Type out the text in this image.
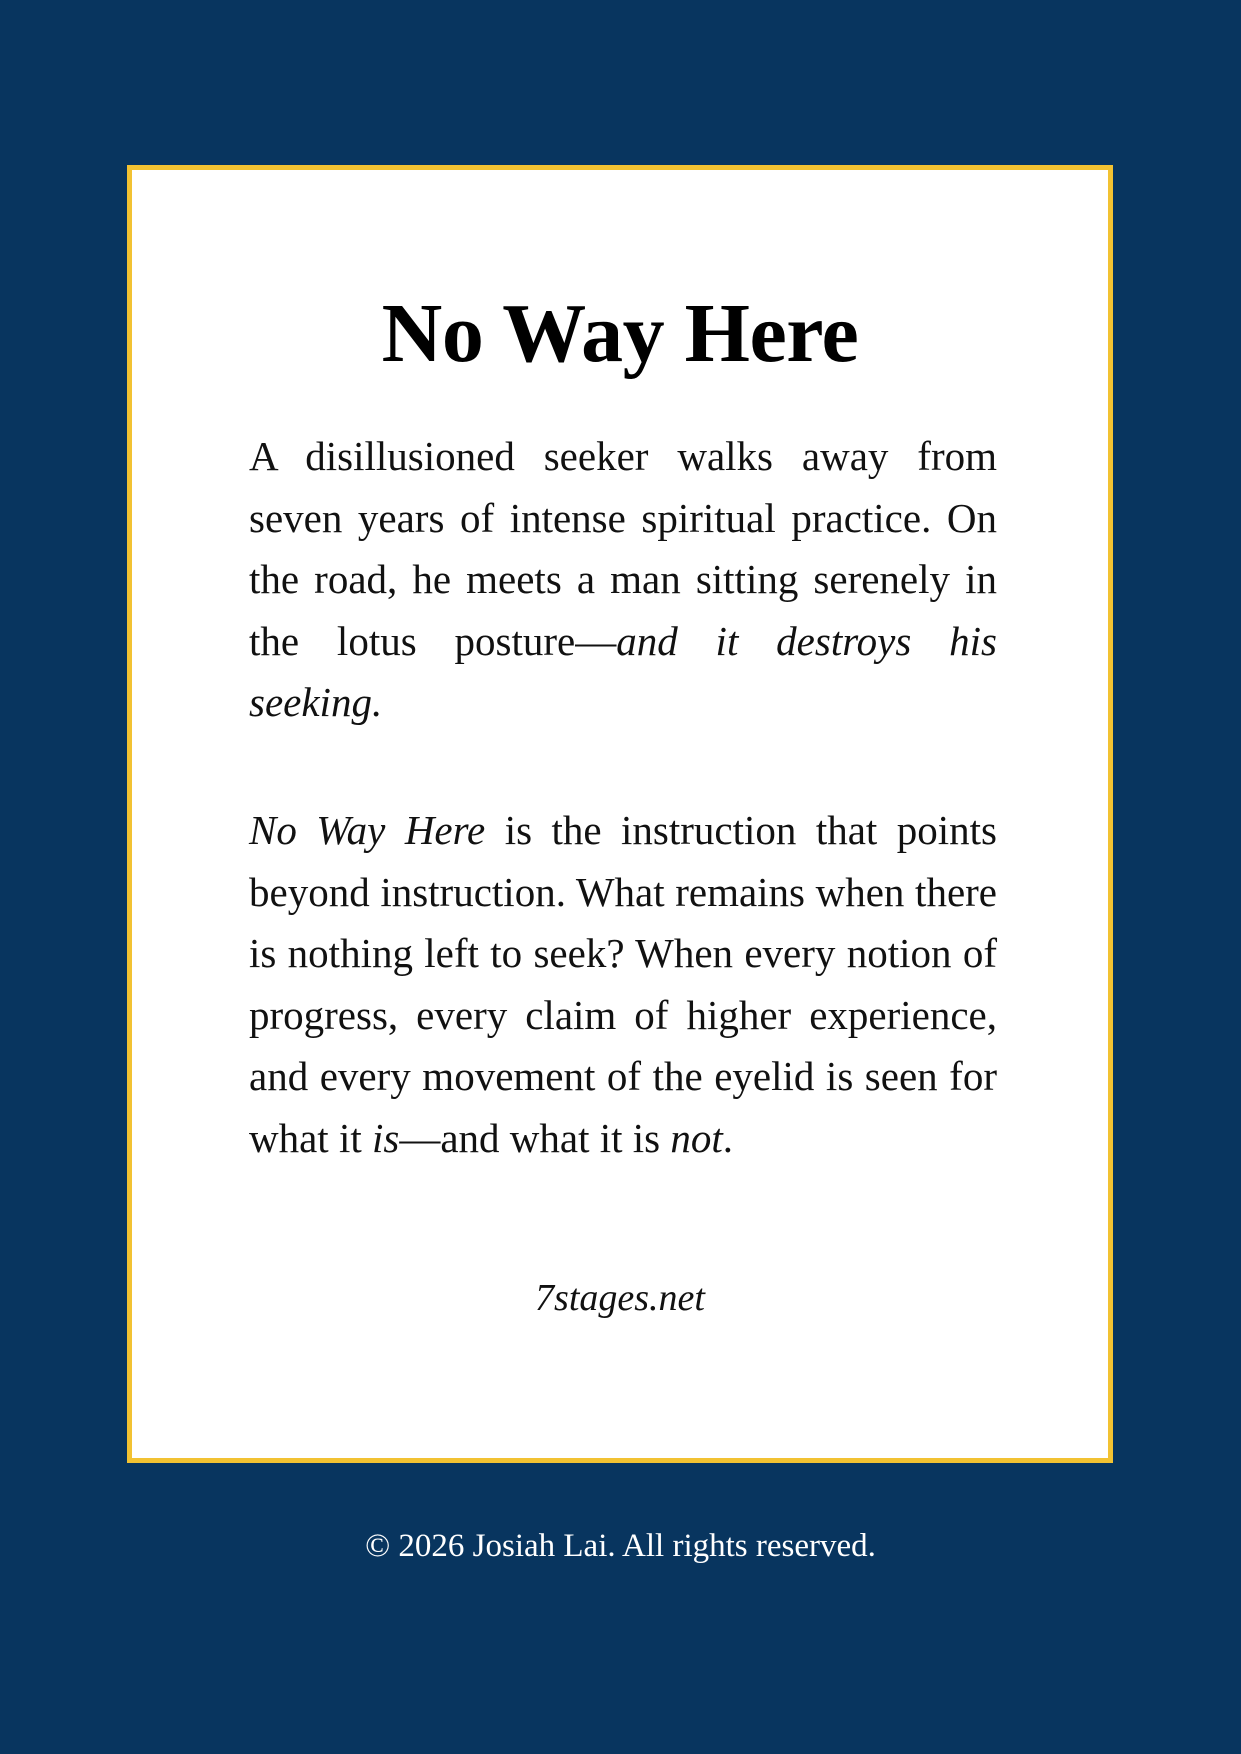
No Way Here

A disillusioned seeker walks away from seven years of intense spiritual practice. On the road, he meets a man sitting serenely in the lotus posture—and it destroys his seeking.

No Way Here is the instruction that points beyond instruction. What remains when there is nothing left to seek? When every notion of progress, every claim of higher experience, and every movement of the eyelid is seen for what it is—and what it is not.

7stages.net
© 2026 Josiah Lai. All rights reserved.
